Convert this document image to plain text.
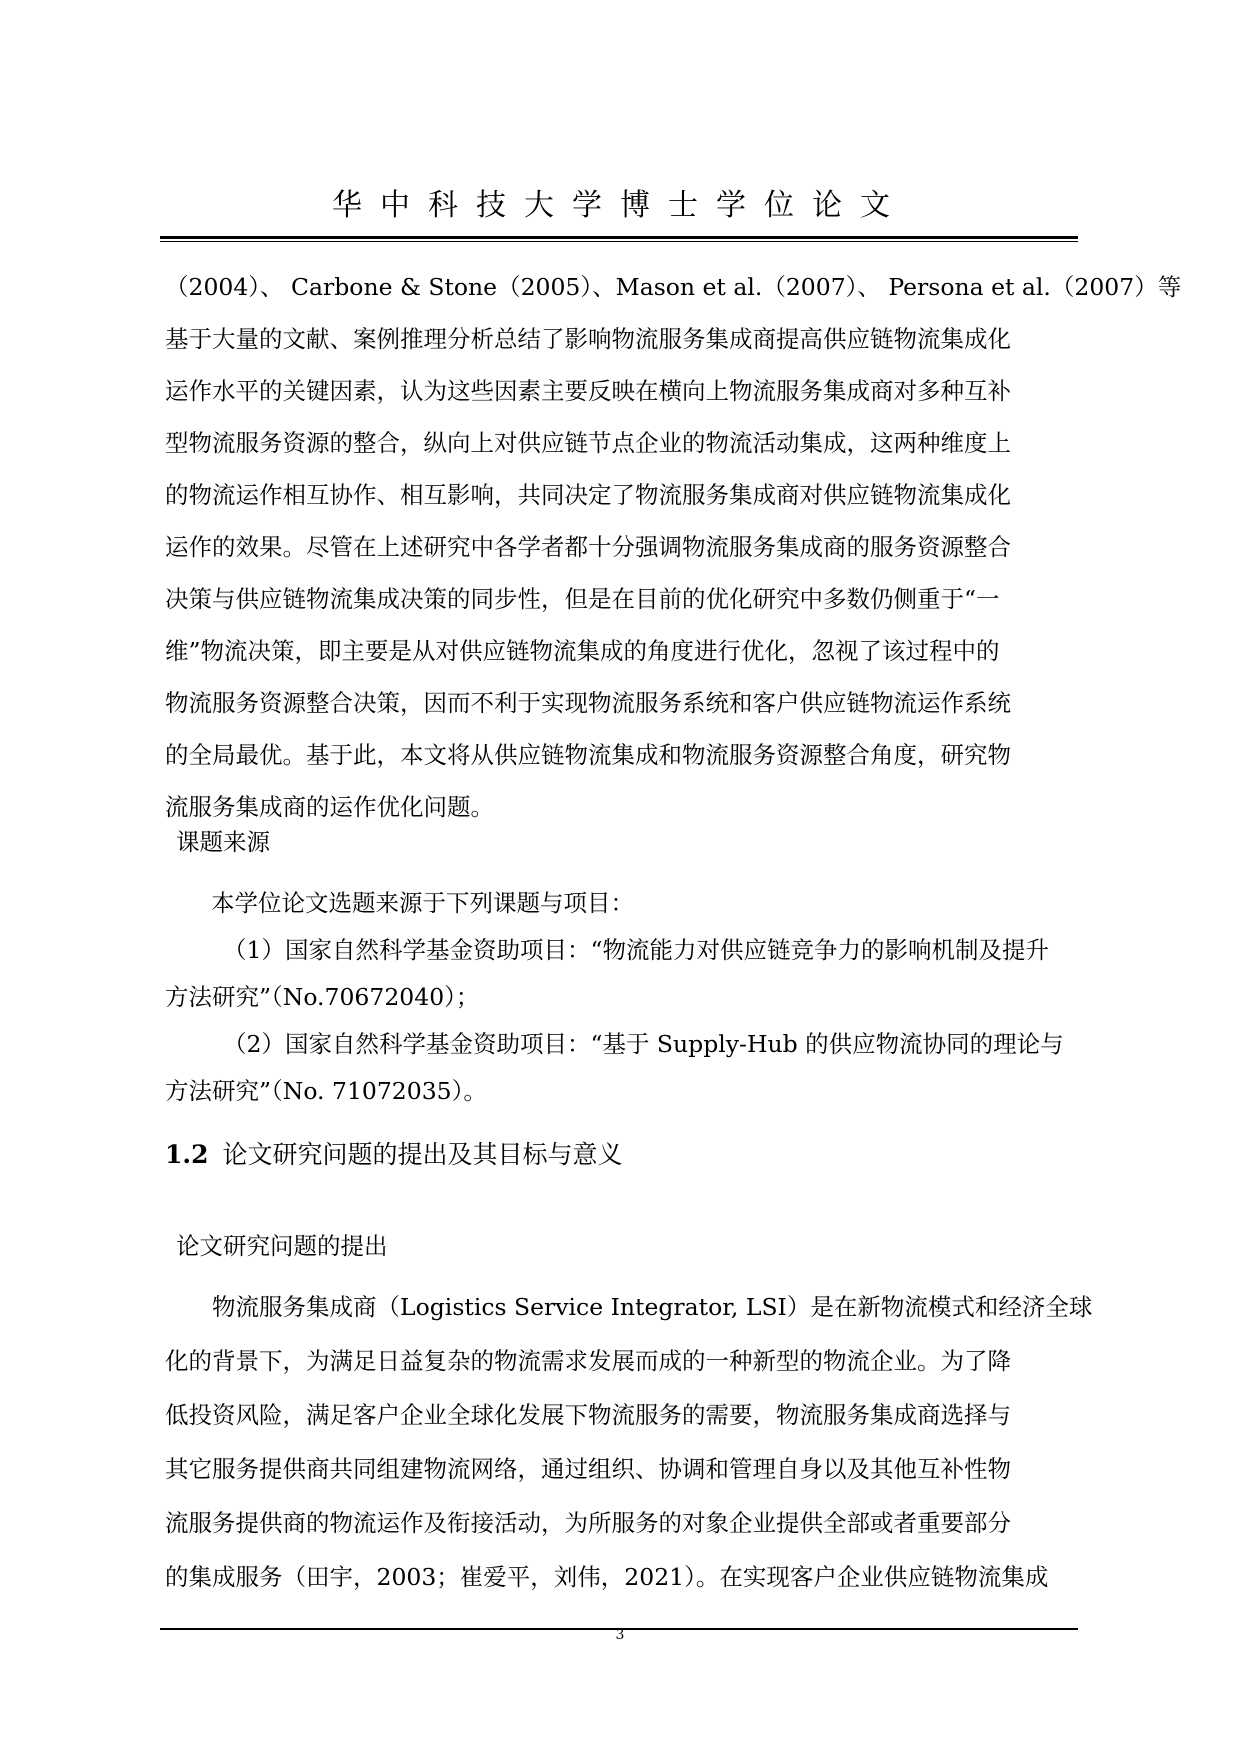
华中科技大学博士学位论文
（2004）、 Carbone & Stone（2005）、Mason et al.（2007）、 Persona et al.（2007）等
基于大量的文献、案例推理分析总结了影响物流服务集成商提高供应链物流集成化
运作水平的关键因素，认为这些因素主要反映在横向上物流服务集成商对多种互补
型物流服务资源的整合，纵向上对供应链节点企业的物流活动集成，这两种维度上
的物流运作相互协作、相互影响，共同决定了物流服务集成商对供应链物流集成化
运作的效果。尽管在上述研究中各学者都十分强调物流服务集成商的服务资源整合
决策与供应链物流集成决策的同步性，但是在目前的优化研究中多数仍侧重于“一
维”物流决策，即主要是从对供应链物流集成的角度进行优化，忽视了该过程中的
物流服务资源整合决策，因而不利于实现物流服务系统和客户供应链物流运作系统
的全局最优。基于此，本文将从供应链物流集成和物流服务资源整合角度，研究物
流服务集成商的运作优化问题。
课题来源
本学位论文选题来源于下列课题与项目：
（1）国家自然科学基金资助项目：“物流能力对供应链竞争力的影响机制及提升
方法研究”（No.70672040）；
（2）国家自然科学基金资助项目：“基于 Supply-Hub 的供应物流协同的理论与
方法研究”（No. 71072035）。
1.2 论文研究问题的提出及其目标与意义
论文研究问题的提出
物流服务集成商（Logistics Service Integrator, LSI）是在新物流模式和经济全球
化的背景下，为满足日益复杂的物流需求发展而成的一种新型的物流企业。为了降
低投资风险，满足客户企业全球化发展下物流服务的需要，物流服务集成商选择与
其它服务提供商共同组建物流网络，通过组织、协调和管理自身以及其他互补性物
流服务提供商的物流运作及衔接活动，为所服务的对象企业提供全部或者重要部分
的集成服务（田宇，2003；崔爱平，刘伟，2021）。在实现客户企业供应链物流集成
3
